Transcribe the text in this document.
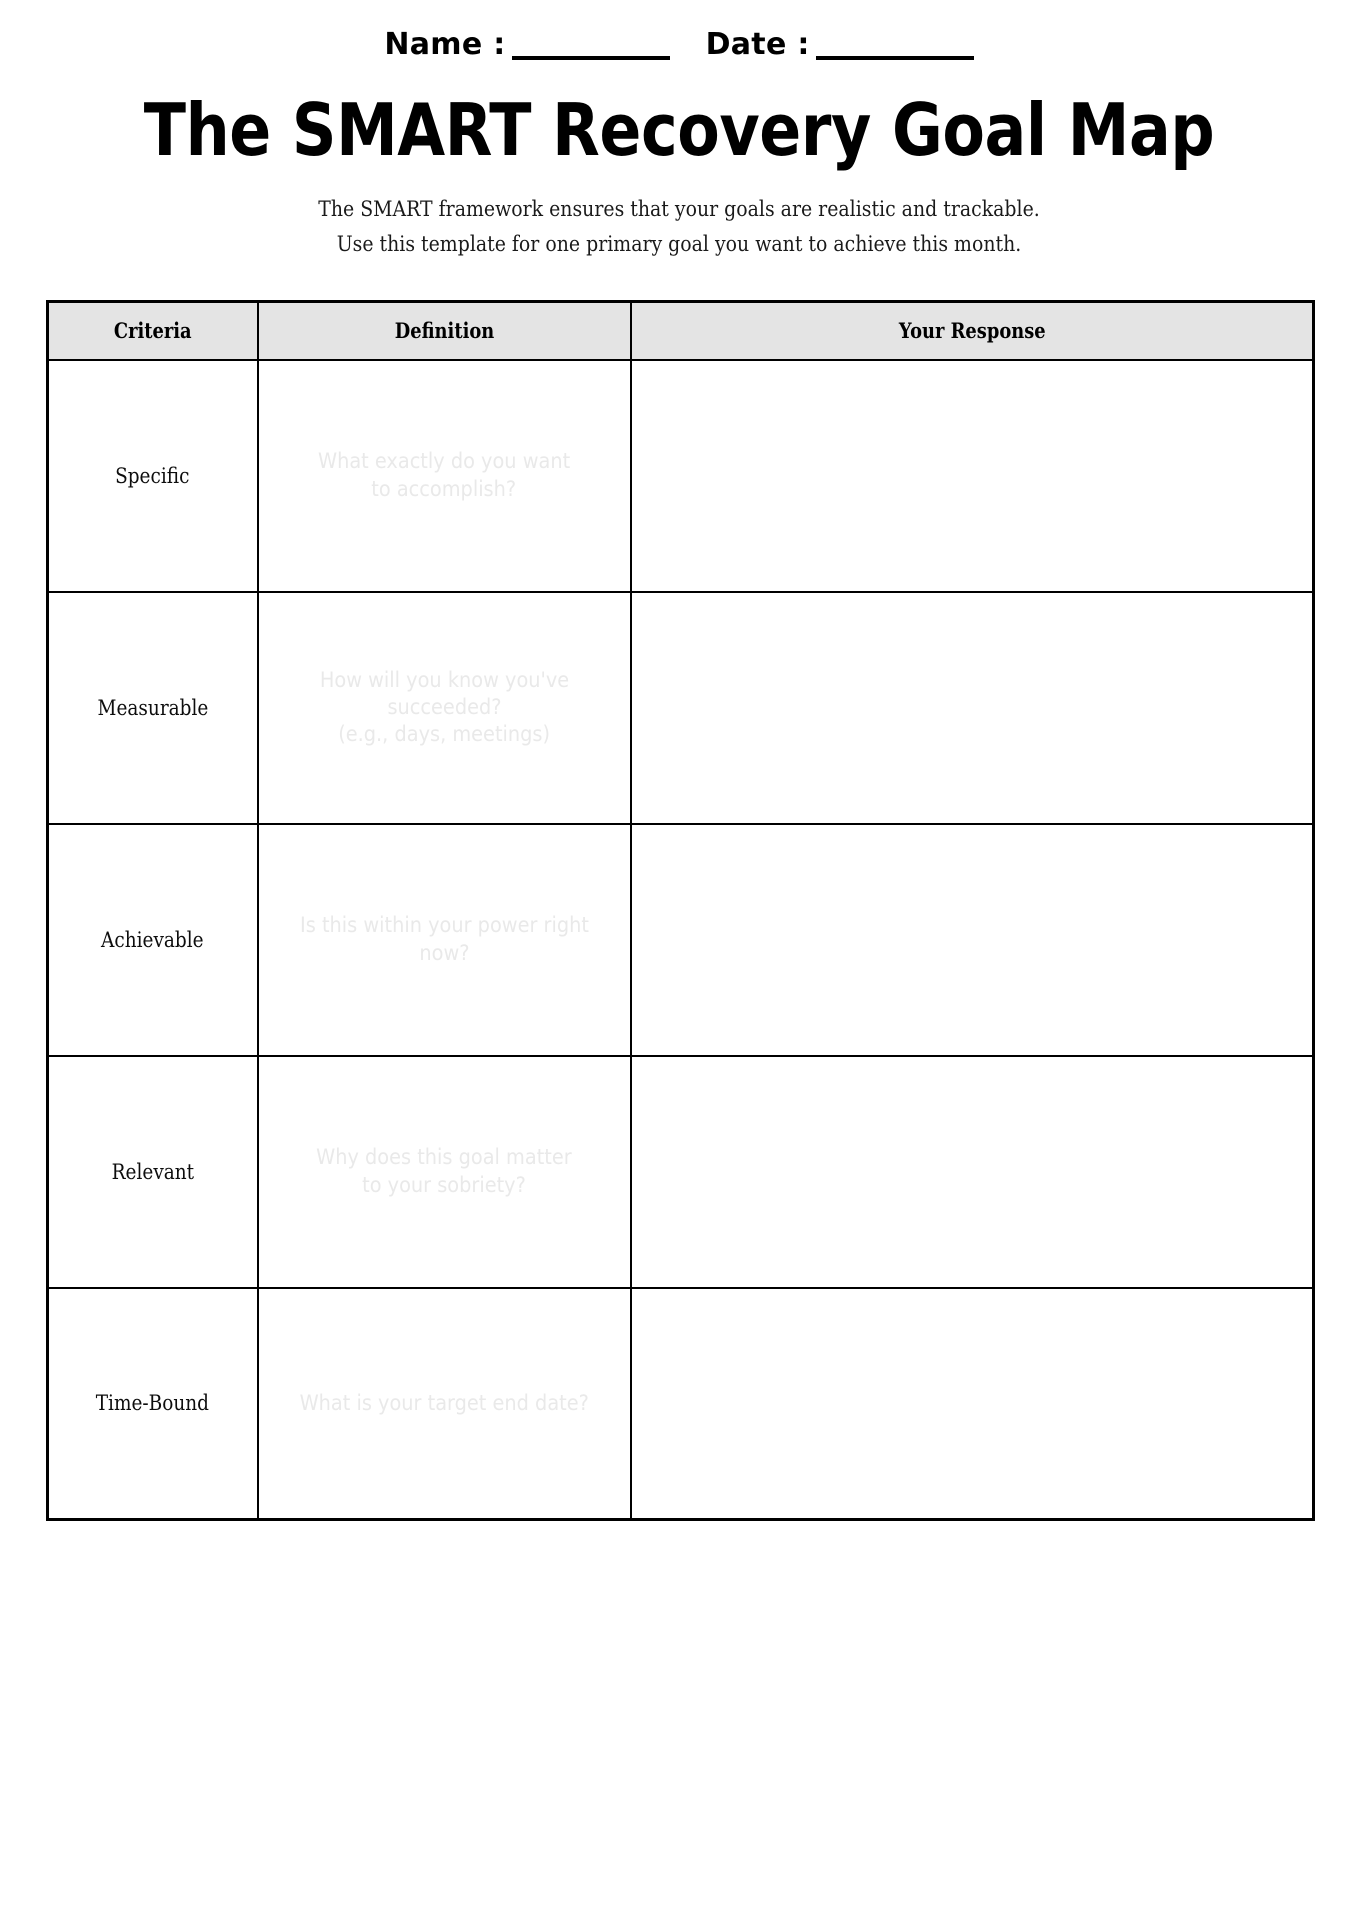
Name :	Date :
The SMART Recovery Goal Map
The SMART framework ensures that your goals are realistic and trackable.
Use this template for one primary goal you want to achieve this month.
Criteria	Definition	Your Response

Specific	What exactly do you want
to accomplish?	
Measurable	How will you know you've succeeded?
(e.g., days, meetings)	
Achievable	Is this within your power right now?	
Relevant	Why does this goal matter
to your sobriety?	
Time-Bound	What is your target end date?	
